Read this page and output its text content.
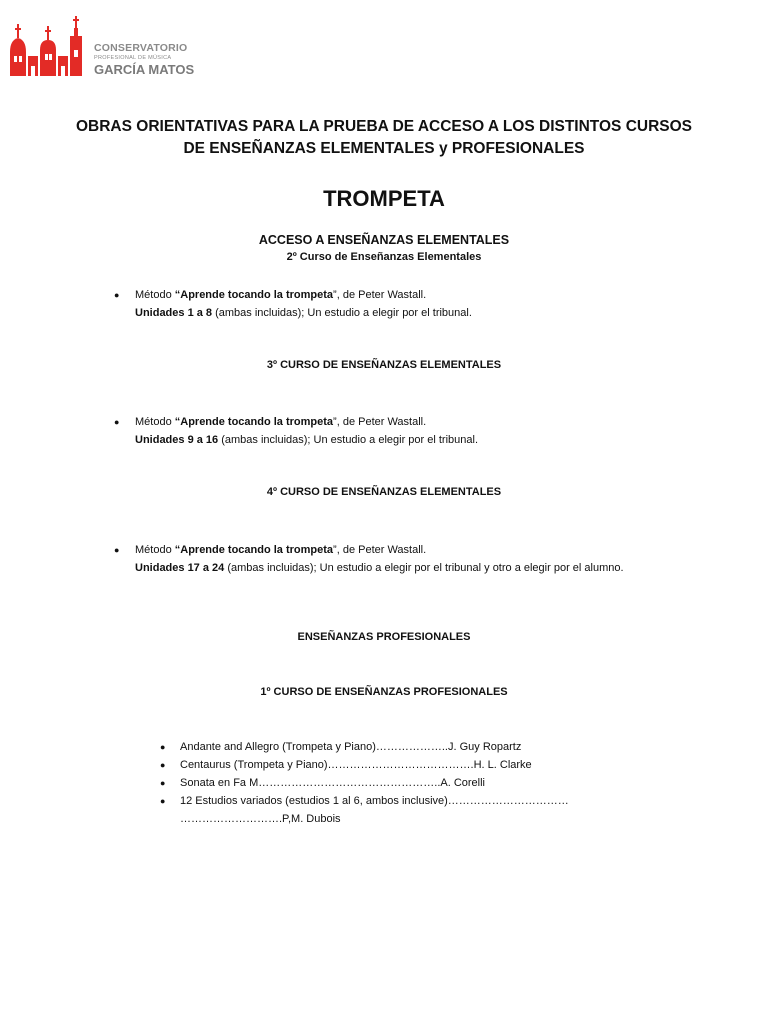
CONSERVATORIO
PROFESIONAL DE MÚSICA
GARCÍA MATOS
OBRAS ORIENTATIVAS PARA LA PRUEBA DE ACCESO A LOS DISTINTOS CURSOS
DE ENSEÑANZAS ELEMENTALES y PROFESIONALES
TROMPETA
ACCESO A ENSEÑANZAS ELEMENTALES
2º Curso de Enseñanzas Elementales
● Método “Aprende tocando la trompeta”, de Peter Wastall.
Unidades 1 a 8 (ambas incluidas); Un estudio a elegir por el tribunal.
3º CURSO DE ENSEÑANZAS ELEMENTALES
● Método “Aprende tocando la trompeta”, de Peter Wastall.
Unidades 9 a 16 (ambas incluidas); Un estudio a elegir por el tribunal.
4º CURSO DE ENSEÑANZAS ELEMENTALES
● Método “Aprende tocando la trompeta”, de Peter Wastall.
Unidades 17 a 24 (ambas incluidas); Un estudio a elegir por el tribunal y otro a elegir por el alumno.
ENSEÑANZAS PROFESIONALES
1º CURSO DE ENSEÑANZAS PROFESIONALES
● Andante and Allegro (Trompeta y Piano)………………..J. Guy Ropartz
● Centaurus (Trompeta y Piano)………………………………….H. L. Clarke
● Sonata en Fa M…………………………………………..A. Corelli
● 12 Estudios variados (estudios 1 al 6, ambos inclusive)…………………………… ……………………….P,M. Dubois
